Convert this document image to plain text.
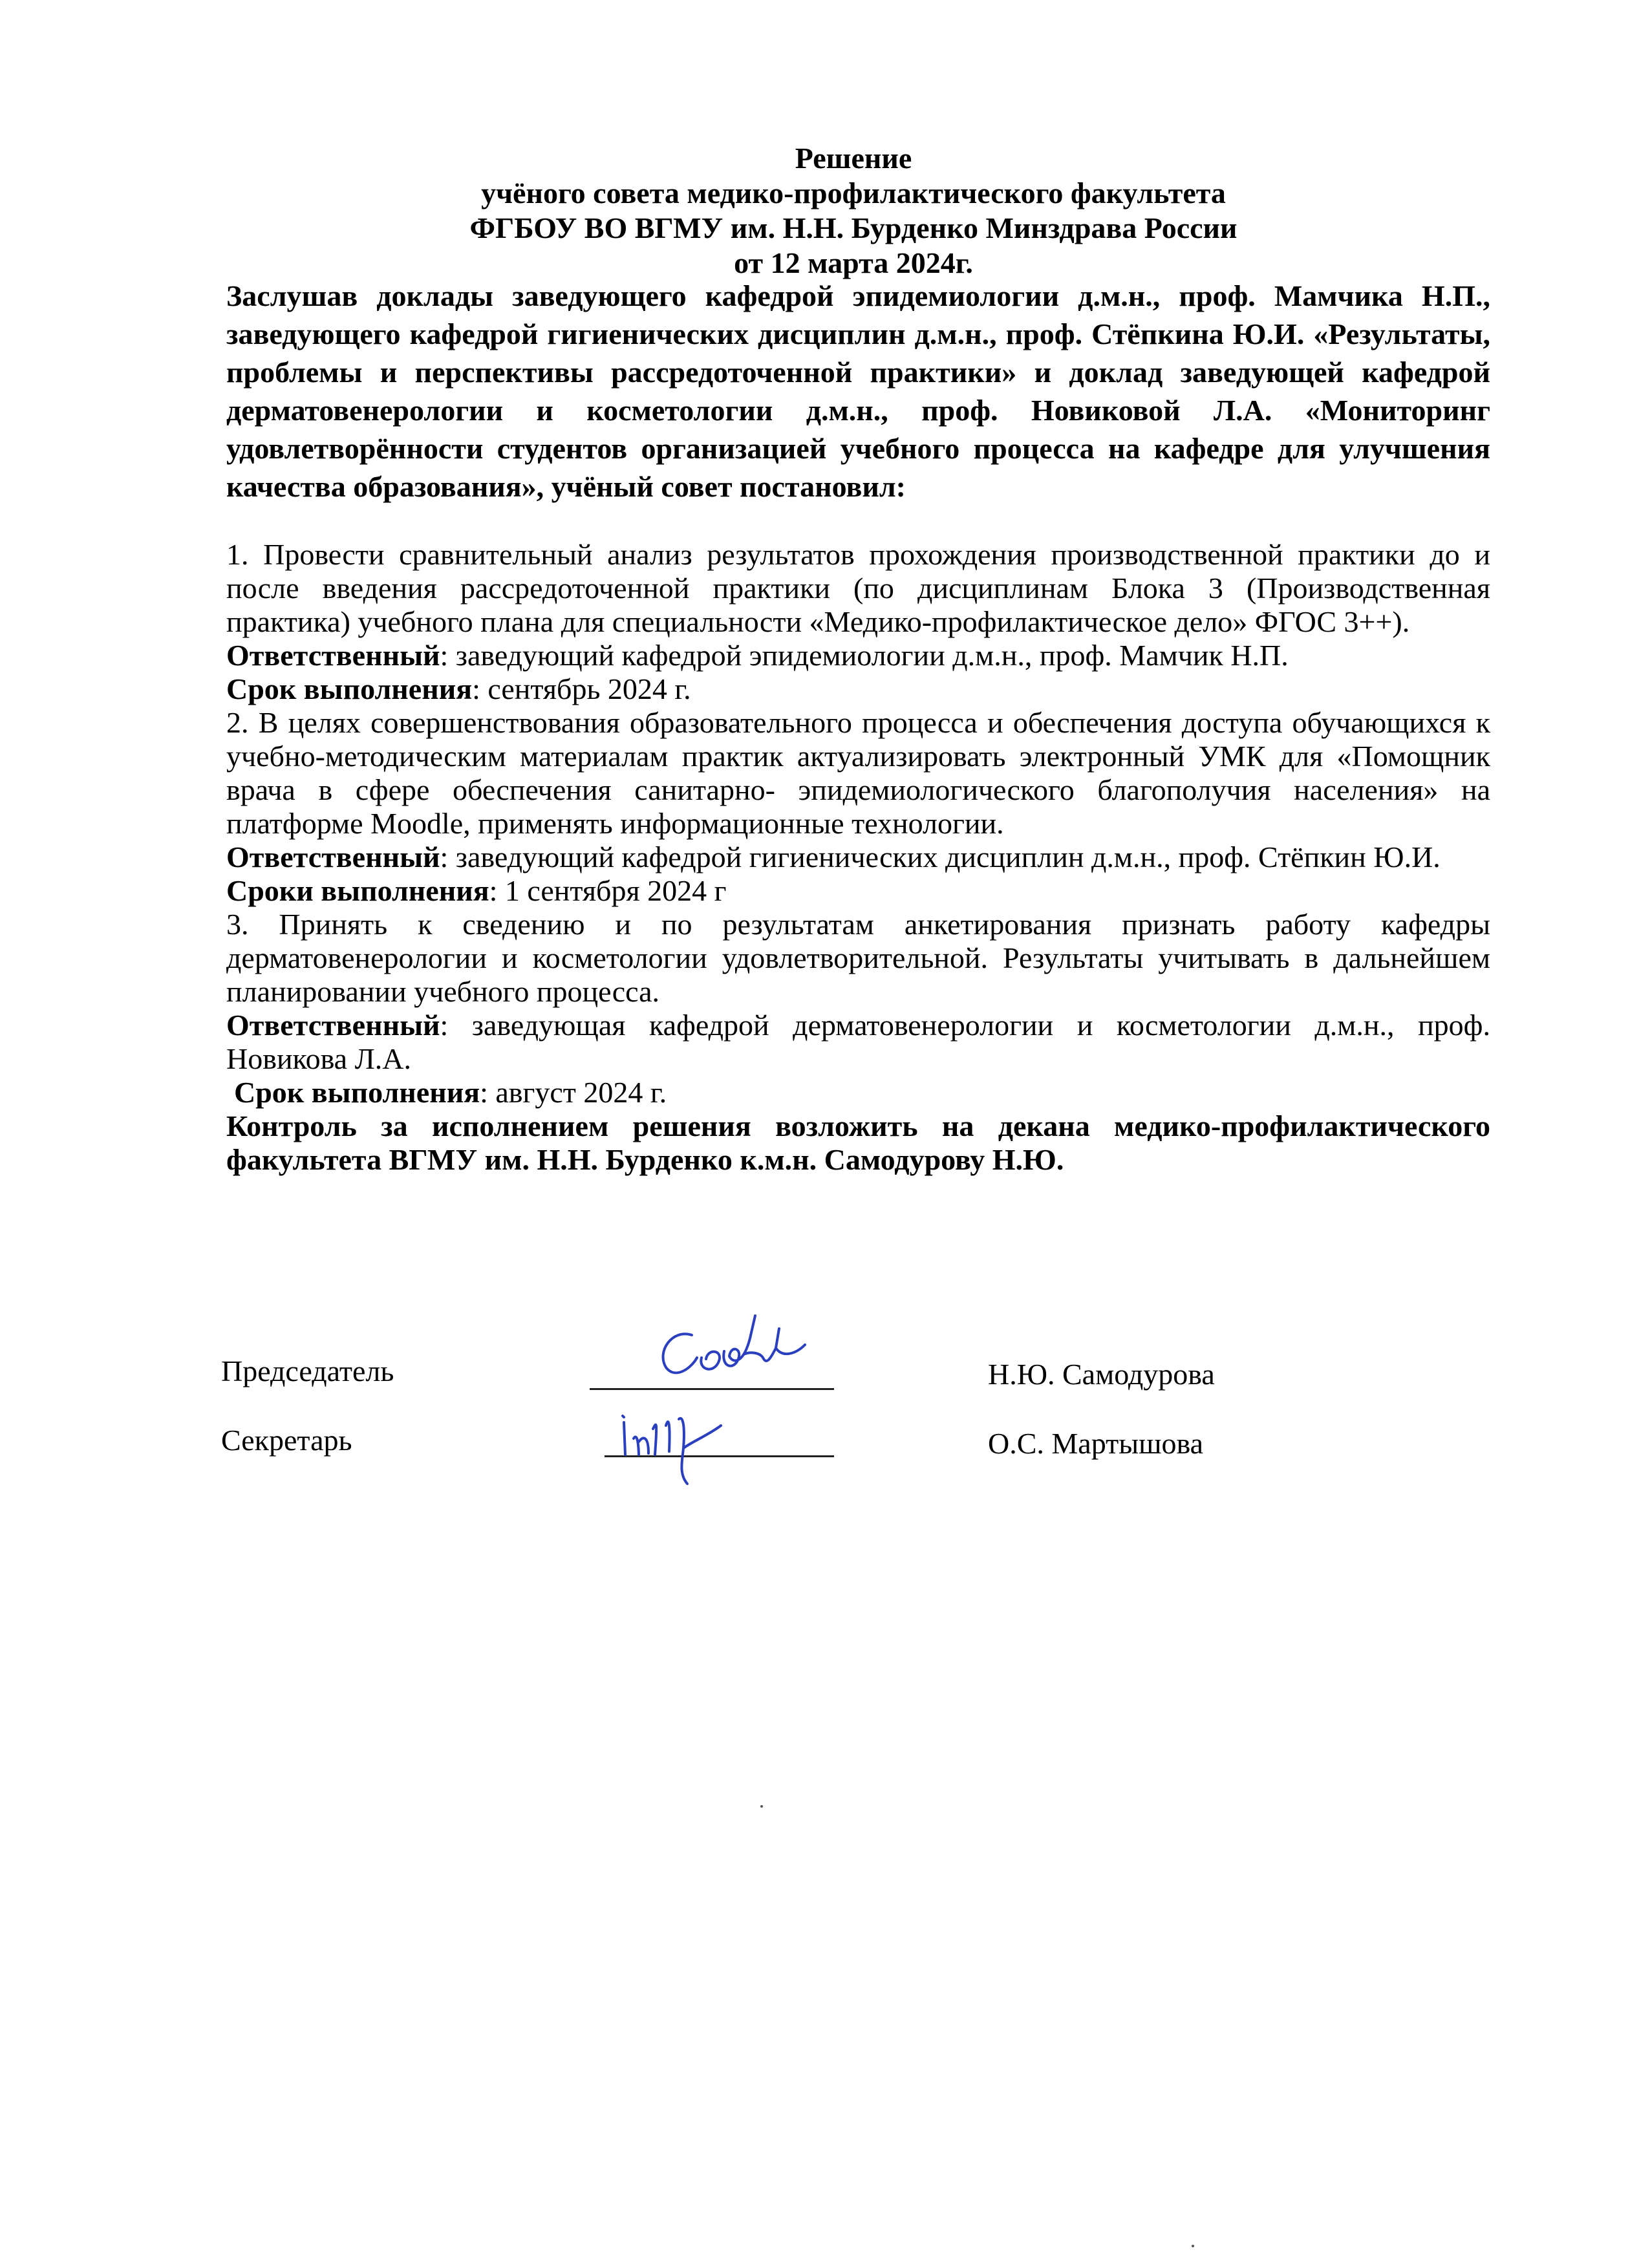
Решение
учёного совета медико-профилактического факультета
ФГБОУ ВО ВГМУ им. Н.Н. Бурденко Минздрава России
от 12 марта 2024г.
Заслушав доклады заведующего кафедрой эпидемиологии д.м.н., проф. Мамчика Н.П., заведующего кафедрой гигиенических дисциплин д.м.н., проф. Стёпкина Ю.И. «Результаты, проблемы и перспективы рассредоточенной практики» и доклад заведующей кафедрой дерматовенерологии и косметологии д.м.н., проф. Новиковой Л.А. «Мониторинг удовлетворённости студентов организацией учебного процесса на кафедре для улучшения качества образования», учёный совет постановил:

1. Провести сравнительный анализ результатов прохождения производственной практики до и после введения рассредоточенной практики (по дисциплинам Блока 3 (Производственная практика) учебного плана для специальности «Медико-профилактическое дело» ФГОС 3++).

Ответственный: заведующий кафедрой эпидемиологии д.м.н., проф. Мамчик Н.П.

Срок выполнения: сентябрь 2024 г.

2. В целях совершенствования образовательного процесса и обеспечения доступа обучающихся к учебно-методическим материалам практик актуализировать электронный УМК для «Помощник врача в сфере обеспечения санитарно- эпидемиологического благополучия населения» на платформе Moodle, применять информационные технологии.

Ответственный: заведующий кафедрой гигиенических дисциплин д.м.н., проф. Стёпкин Ю.И.

Сроки выполнения: 1 сентября 2024 г

3. Принять к сведению и по результатам анкетирования признать работу кафедры дерматовенерологии и косметологии удовлетворительной. Результаты учитывать в дальнейшем планировании учебного процесса.

Ответственный: заведующая кафедрой дерматовенерологии и косметологии д.м.н., проф. Новикова Л.А.

Срок выполнения: август 2024 г.

Контроль за исполнением решения возложить на декана медико-профилактического факультета ВГМУ им. Н.Н. Бурденко к.м.н. Самодурову Н.Ю.

Председатель	Н.Ю. Самодурова
Секретарь	О.С. Мартышова
